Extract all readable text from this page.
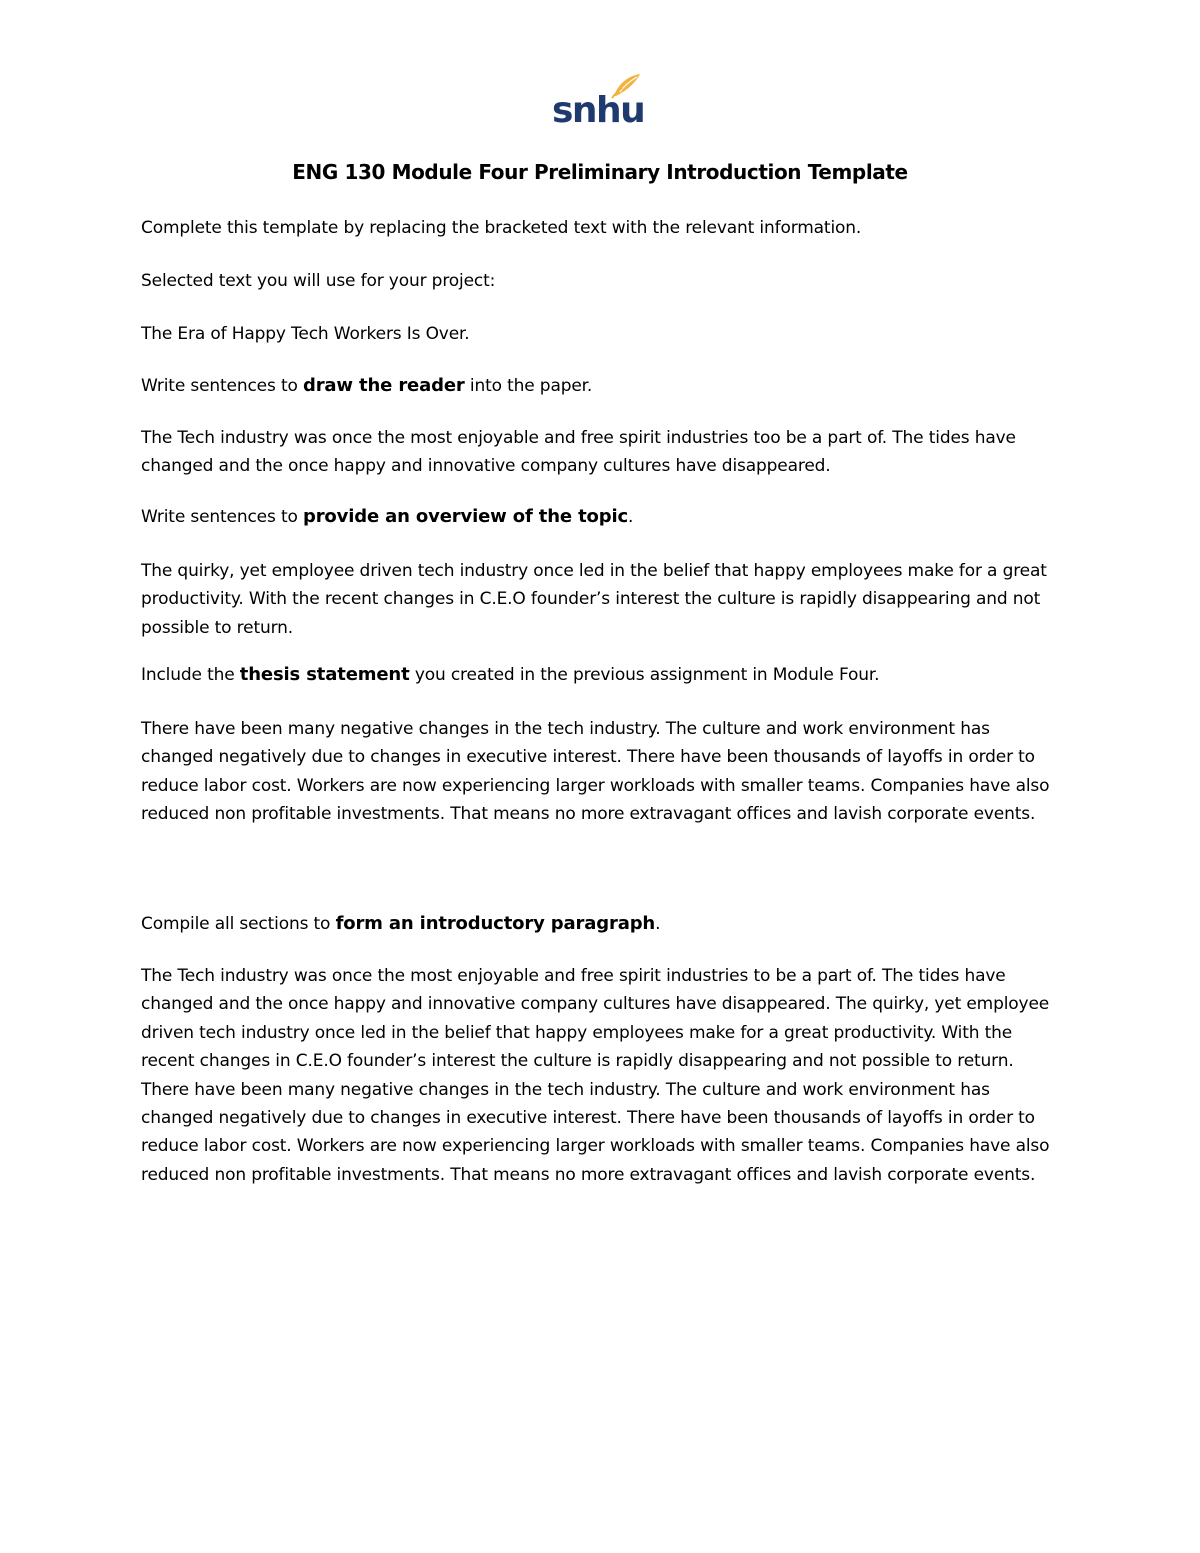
snhu
ENG 130 Module Four Preliminary Introduction Template

Complete this template by replacing the bracketed text with the relevant information.

Selected text you will use for your project:

The Era of Happy Tech Workers Is Over.

Write sentences to draw the reader into the paper.

The Tech industry was once the most enjoyable and free spirit industries too be a part of. The tides have changed and the once happy and innovative company cultures have disappeared.

Write sentences to provide an overview of the topic.

The quirky, yet employee driven tech industry once led in the belief that happy employees make for a great productivity. With the recent changes in C.E.O founder’s interest the culture is rapidly disappearing and not possible to return.

Include the thesis statement you created in the previous assignment in Module Four.

There have been many negative changes in the tech industry. The culture and work environment has changed negatively due to changes in executive interest. There have been thousands of layoffs in order to reduce labor cost. Workers are now experiencing larger workloads with smaller teams. Companies have also reduced non profitable investments. That means no more extravagant offices and lavish corporate events.

Compile all sections to form an introductory paragraph.

The Tech industry was once the most enjoyable and free spirit industries to be a part of. The tides have changed and the once happy and innovative company cultures have disappeared. The quirky, yet employee driven tech industry once led in the belief that happy employees make for a great productivity. With the recent changes in C.E.O founder’s interest the culture is rapidly disappearing and not possible to return. There have been many negative changes in the tech industry. The culture and work environment has changed negatively due to changes in executive interest. There have been thousands of layoffs in order to reduce labor cost. Workers are now experiencing larger workloads with smaller teams. Companies have also reduced non profitable investments. That means no more extravagant offices and lavish corporate events.
